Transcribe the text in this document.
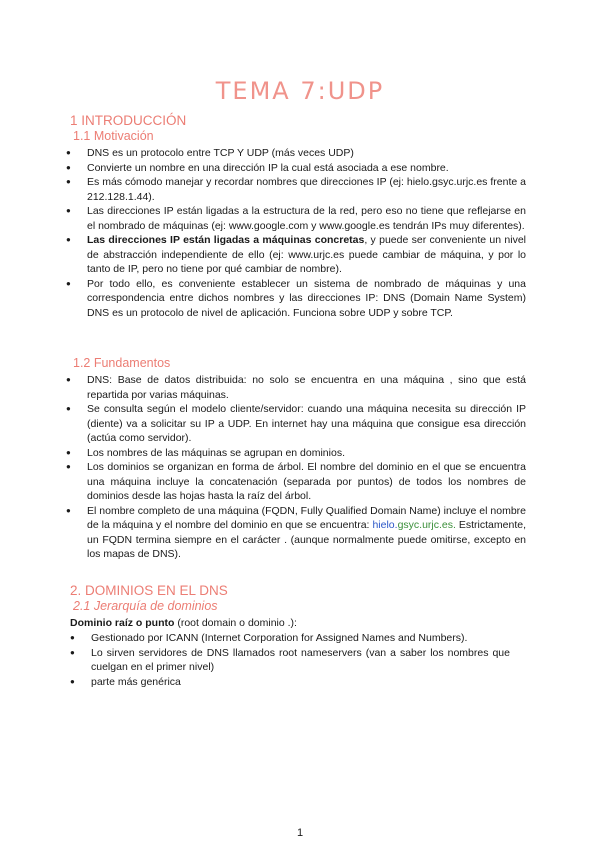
TEMA 7:UDP
1 INTRODUCCIÓN
1.1 Motivación
● DNS es un protocolo entre TCP Y UDP (más veces UDP)
● Convierte un nombre en una dirección IP la cual está asociada a ese nombre.
● Es más cómodo manejar y recordar nombres que direcciones IP (ej: hielo.gsyc.urjc.es frente a 212.128.1.44).
● Las direcciones IP están ligadas a la estructura de la red, pero eso no tiene que reflejarse en el nombrado de máquinas (ej: www.google.com y www.google.es tendrán IPs muy diferentes).
● Las direcciones IP están ligadas a máquinas concretas, y puede ser conveniente un nivel de abstracción independiente de ello (ej: www.urjc.es puede cambiar de máquina, y por lo tanto de IP, pero no tiene por qué cambiar de nombre).
● Por todo ello, es conveniente establecer un sistema de nombrado de máquinas y una correspondencia entre dichos nombres y las direcciones IP: DNS (Domain Name System) DNS es un protocolo de nivel de aplicación. Funciona sobre UDP y sobre TCP.
1.2 Fundamentos
● DNS: Base de datos distribuida: no solo se encuentra en una máquina , sino que está repartida por varias máquinas.
● Se consulta según el modelo cliente/servidor: cuando una máquina necesita su dirección IP (diente) va a solicitar su IP a UDP. En internet hay una máquina que consigue esa dirección (actúa como servidor).
● Los nombres de las máquinas se agrupan en dominios.
● Los dominios se organizan en forma de árbol. El nombre del dominio en el que se encuentra una máquina incluye la concatenación (separada por puntos) de todos los nombres de dominios desde las hojas hasta la raíz del árbol.
● El nombre completo de una máquina (FQDN, Fully Qualified Domain Name) incluye el nombre de la máquina y el nombre del dominio en que se encuentra: hielo.gsyc.urjc.es. Estrictamente, un FQDN termina siempre en el carácter . (aunque normalmente puede omitirse, excepto en los mapas de DNS).
2. DOMINIOS EN EL DNS
2.1 Jerarquía de dominios
Dominio raíz o punto (root domain o dominio .):
● Gestionado por ICANN (Internet Corporation for Assigned Names and Numbers).
● Lo sirven servidores de DNS llamados root nameservers (van a saber los nombres que cuelgan en el primer nivel)
● parte más genérica
1
